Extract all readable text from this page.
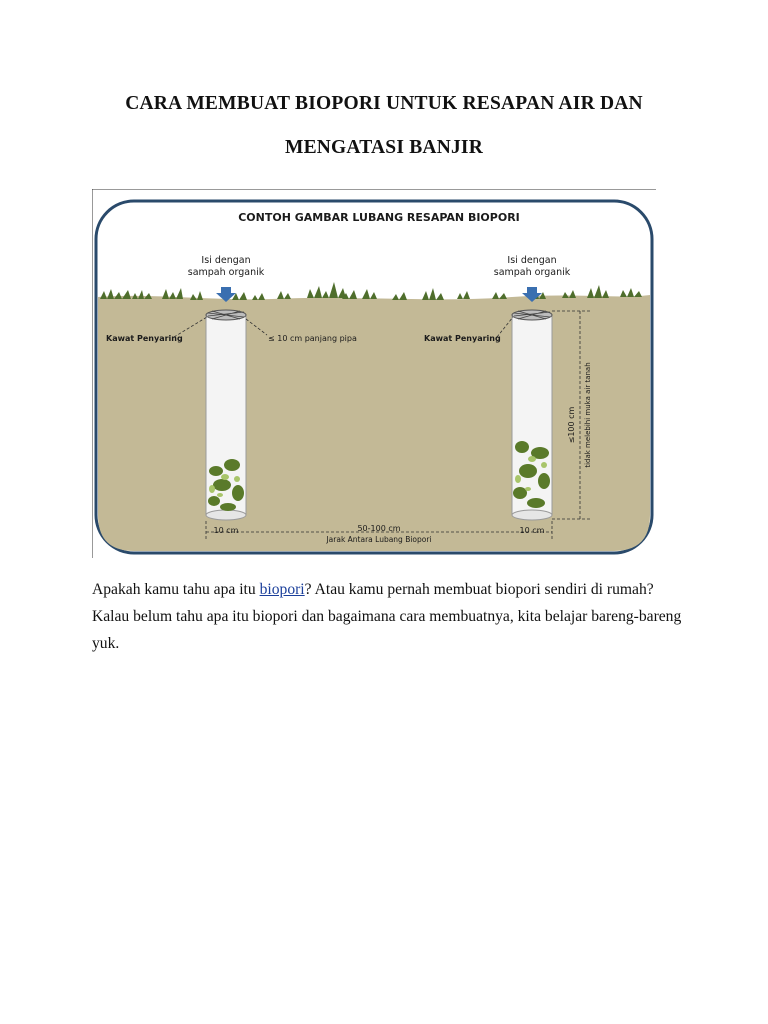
CARA MEMBUAT BIOPORI UNTUK RESAPAN AIR DAN
MENGATASI BANJIR
CONTOH GAMBAR LUBANG RESAPAN BIOPORI
Isi dengan
sampah organik
Isi dengan
sampah organik
Kawat Penyaring	≤ 10 cm panjang pipa	Kawat Penyaring
≤100 cm tidak melebihi muka air tanah
10 cm	10 cm
50-100 cm
Jarak Antara Lubang Biopori

Apakah kamu tahu apa itu biopori? Atau kamu pernah membuat biopori sendiri di rumah? Kalau belum tahu apa itu biopori dan bagaimana cara membuatnya, kita belajar bareng-bareng yuk.
